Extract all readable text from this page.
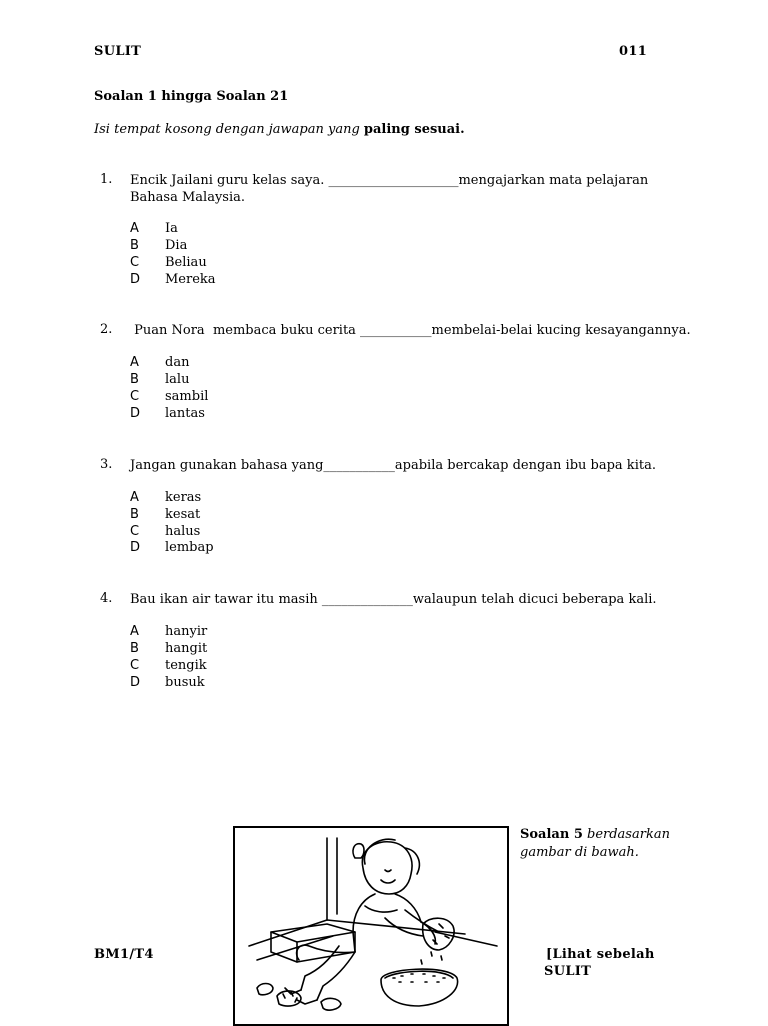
SULIT	011
Soalan 1 hingga Soalan 21
Isi tempat kosong dengan jawapan yang paling sesuai.
1. Encik Jailani guru kelas saya. ____________________mengajarkan mata pelajaran Bahasa Malaysia.
A Ia
B Dia
C Beliau
D Mereka
2. Puan Nora  membaca buku cerita ___________membelai-belai kucing kesayangannya.
A dan
B lalu
C sambil
D lantas
3. Jangan gunakan bahasa yang___________apabila bercakap dengan ibu bapa kita.
A keras
B kesat
C halus
D lembap
4. Bau ikan air tawar itu masih ______________walaupun telah dicuci beberapa kali.
A hanyir
B hangit
C tengik
D busuk
Soalan 5 berdasarkan
gambar di bawah.
BM1/T4	[Lihat sebelah
SULIT
